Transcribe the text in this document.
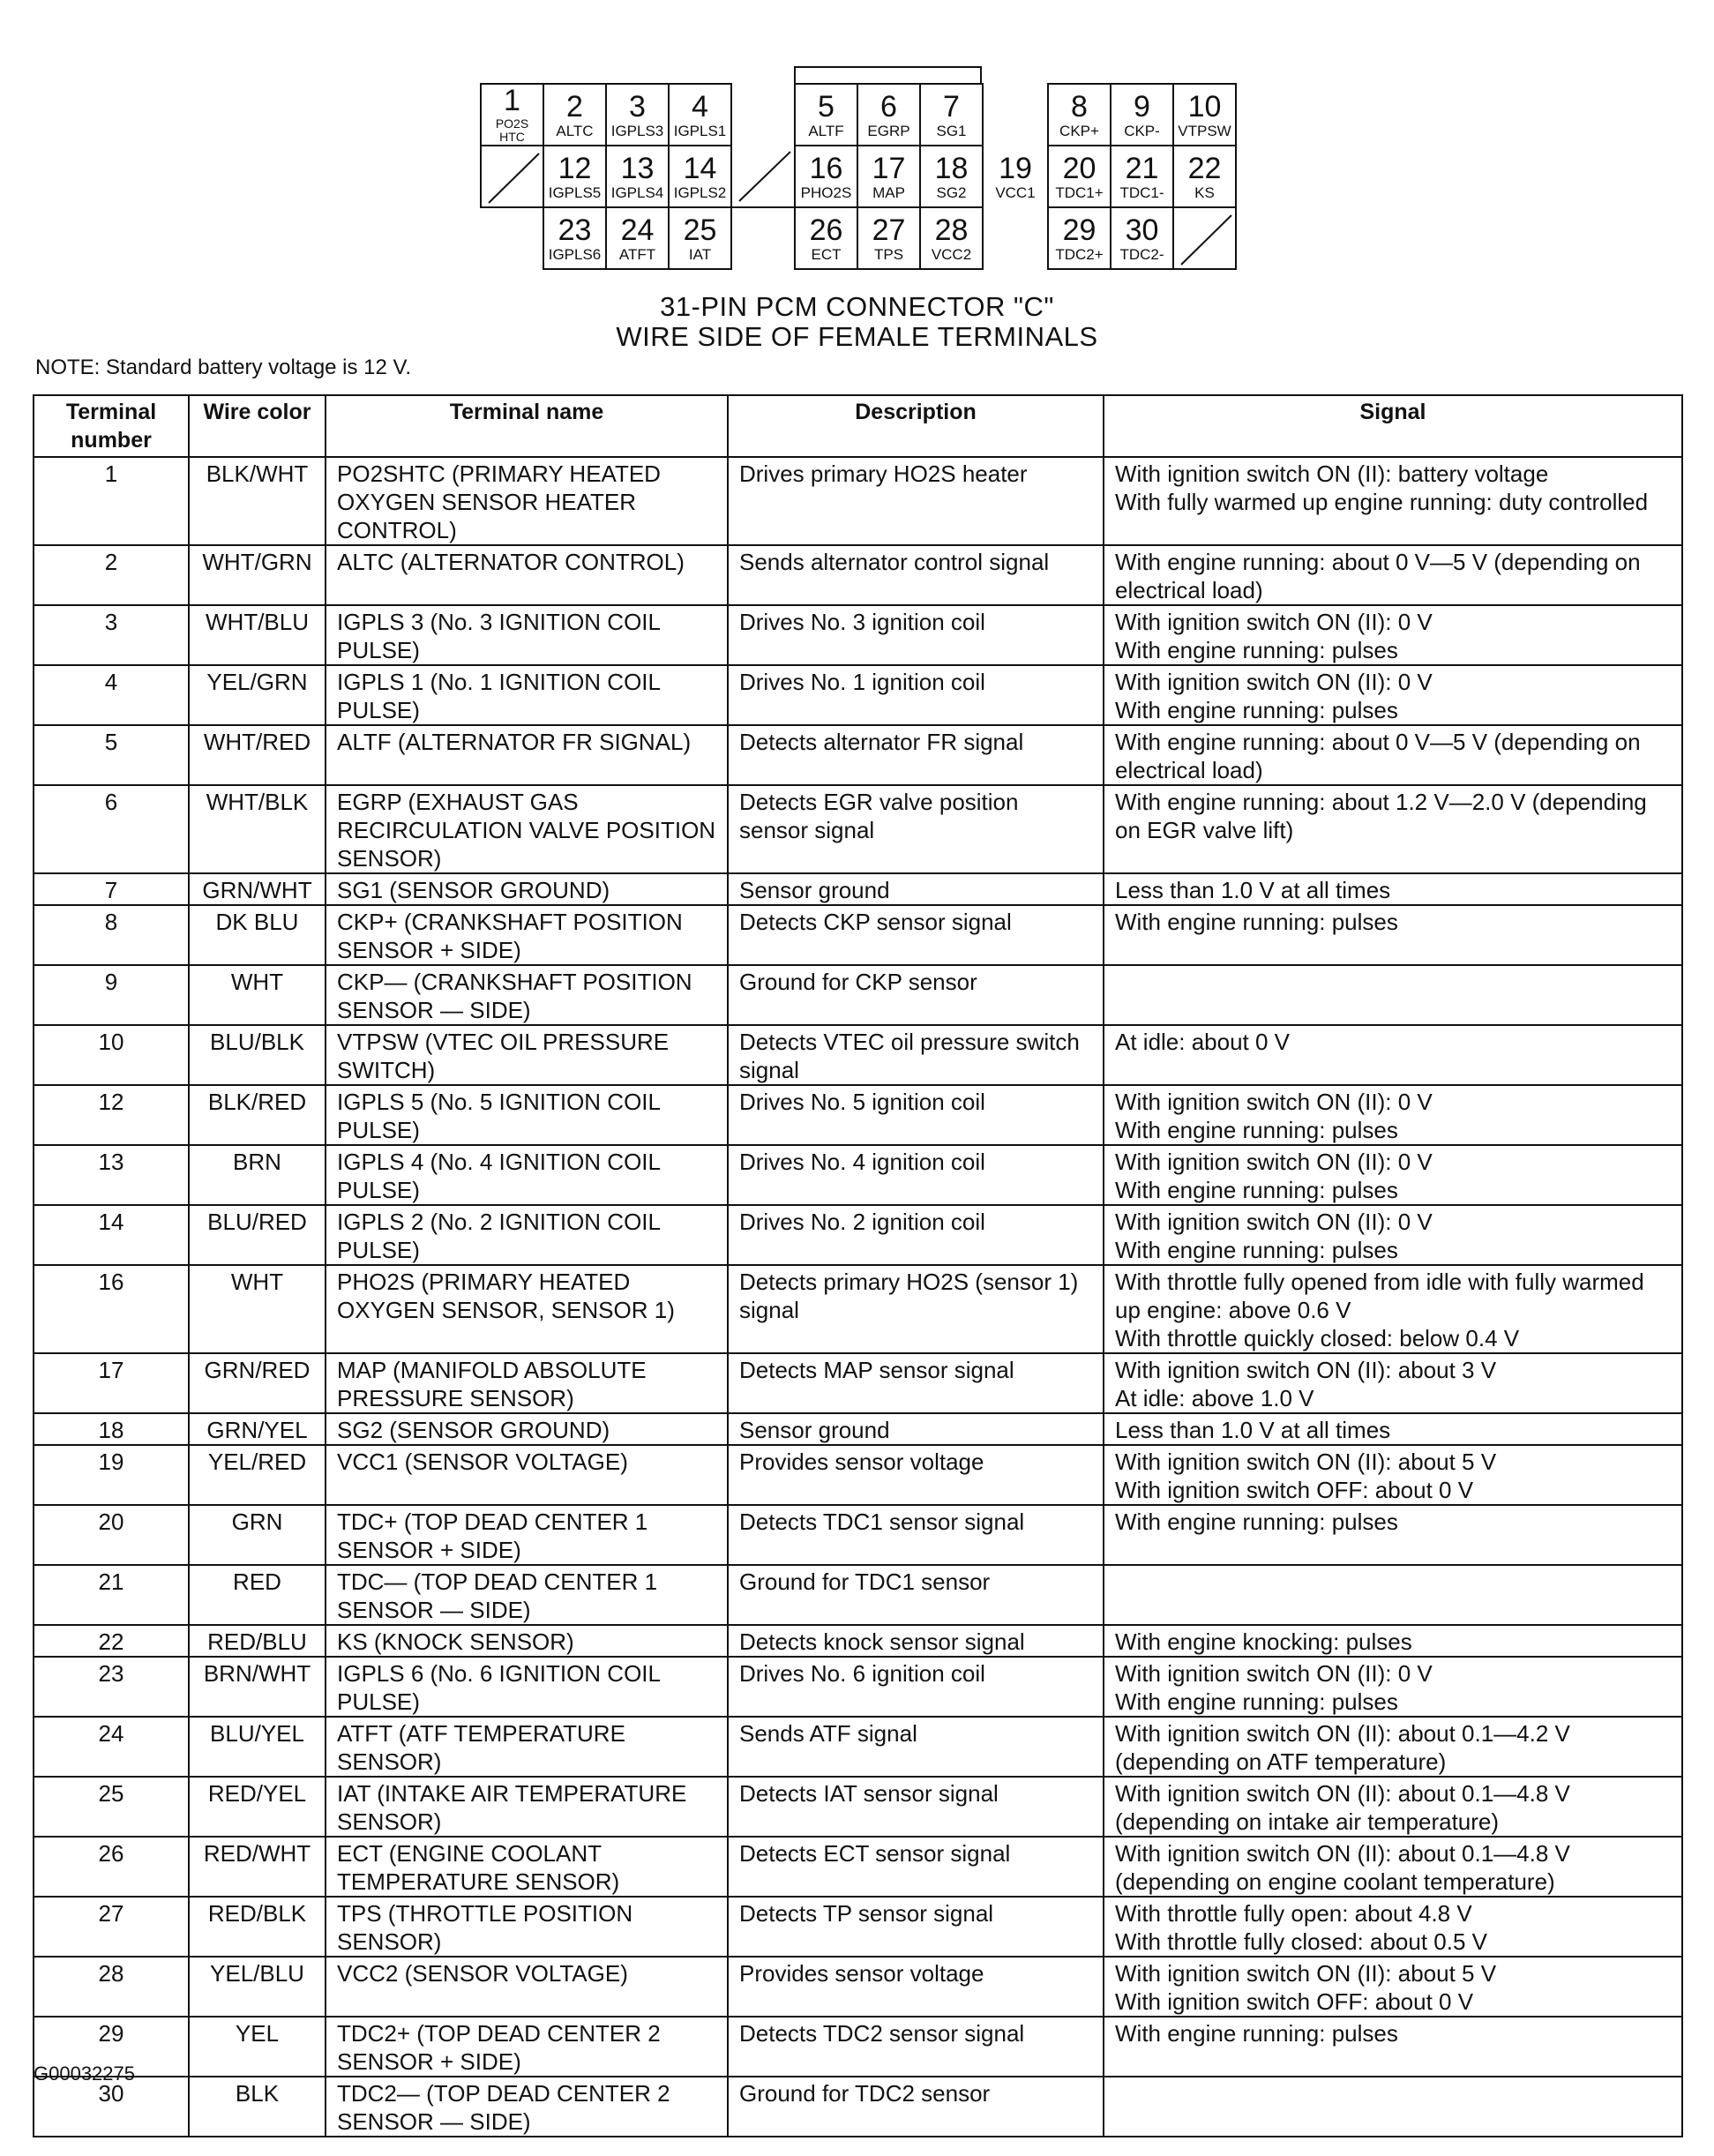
1
PO2S HTC
2
ALTC
3
IGPLS3
4
IGPLS1
5
ALTF
6
EGRP
7
SG1
8
CKP+
9
CKP-
10
VTPSW
12
IGPLS5
13
IGPLS4
14
IGPLS2
16
PHO2S
17
MAP
18
SG2
19
VCC1
20
TDC1+
21
TDC1-
22
KS
23
IGPLS6
24
ATFT
25
IAT
26
ECT
27
TPS
28
VCC2
29
TDC2+
30
TDC2-
31-PIN PCM CONNECTOR "C"
WIRE SIDE OF FEMALE TERMINALS
NOTE: Standard battery voltage is 12 V.
Terminal number	Wire color	Terminal name	Description	Signal
1	BLK/WHT	PO2SHTC (PRIMARY HEATED OXYGEN SENSOR HEATER CONTROL)	Drives primary HO2S heater	With ignition switch ON (II): battery voltage
With fully warmed up engine running: duty controlled
2	WHT/GRN	ALTC (ALTERNATOR CONTROL)	Sends alternator control signal	With engine running: about 0 V—5 V (depending on electrical load)
3	WHT/BLU	IGPLS 3 (No. 3 IGNITION COIL PULSE)	Drives No. 3 ignition coil	With ignition switch ON (II): 0 V
With engine running: pulses
4	YEL/GRN	IGPLS 1 (No. 1 IGNITION COIL PULSE)	Drives No. 1 ignition coil	With ignition switch ON (II): 0 V
With engine running: pulses
5	WHT/RED	ALTF (ALTERNATOR FR SIGNAL)	Detects alternator FR signal	With engine running: about 0 V—5 V (depending on electrical load)
6	WHT/BLK	EGRP (EXHAUST GAS RECIRCULATION VALVE POSITION SENSOR)	Detects EGR valve position sensor signal	With engine running: about 1.2 V—2.0 V (depending on EGR valve lift)
7	GRN/WHT	SG1 (SENSOR GROUND)	Sensor ground	Less than 1.0 V at all times
8	DK BLU	CKP+ (CRANKSHAFT POSITION SENSOR + SIDE)	Detects CKP sensor signal	With engine running: pulses
9	WHT	CKP— (CRANKSHAFT POSITION SENSOR — SIDE)	Ground for CKP sensor	
10	BLU/BLK	VTPSW (VTEC OIL PRESSURE SWITCH)	Detects VTEC oil pressure switch signal	At idle: about 0 V
12	BLK/RED	IGPLS 5 (No. 5 IGNITION COIL PULSE)	Drives No. 5 ignition coil	With ignition switch ON (II): 0 V
With engine running: pulses
13	BRN	IGPLS 4 (No. 4 IGNITION COIL PULSE)	Drives No. 4 ignition coil	With ignition switch ON (II): 0 V
With engine running: pulses
14	BLU/RED	IGPLS 2 (No. 2 IGNITION COIL PULSE)	Drives No. 2 ignition coil	With ignition switch ON (II): 0 V
With engine running: pulses
16	WHT	PHO2S (PRIMARY HEATED OXYGEN SENSOR, SENSOR 1)	Detects primary HO2S (sensor 1) signal	With throttle fully opened from idle with fully warmed up engine: above 0.6 V
With throttle quickly closed: below 0.4 V
17	GRN/RED	MAP (MANIFOLD ABSOLUTE PRESSURE SENSOR)	Detects MAP sensor signal	With ignition switch ON (II): about 3 V
At idle: above 1.0 V
18	GRN/YEL	SG2 (SENSOR GROUND)	Sensor ground	Less than 1.0 V at all times
19	YEL/RED	VCC1 (SENSOR VOLTAGE)	Provides sensor voltage	With ignition switch ON (II): about 5 V
With ignition switch OFF: about 0 V
20	GRN	TDC+ (TOP DEAD CENTER 1 SENSOR + SIDE)	Detects TDC1 sensor signal	With engine running: pulses
21	RED	TDC— (TOP DEAD CENTER 1 SENSOR — SIDE)	Ground for TDC1 sensor	
22	RED/BLU	KS (KNOCK SENSOR)	Detects knock sensor signal	With engine knocking: pulses
23	BRN/WHT	IGPLS 6 (No. 6 IGNITION COIL PULSE)	Drives No. 6 ignition coil	With ignition switch ON (II): 0 V
With engine running: pulses
24	BLU/YEL	ATFT (ATF TEMPERATURE SENSOR)	Sends ATF signal	With ignition switch ON (II): about 0.1—4.2 V (depending on ATF temperature)
25	RED/YEL	IAT (INTAKE AIR TEMPERATURE SENSOR)	Detects IAT sensor signal	With ignition switch ON (II): about 0.1—4.8 V (depending on intake air temperature)
26	RED/WHT	ECT (ENGINE COOLANT TEMPERATURE SENSOR)	Detects ECT sensor signal	With ignition switch ON (II): about 0.1—4.8 V (depending on engine coolant temperature)
27	RED/BLK	TPS (THROTTLE POSITION SENSOR)	Detects TP sensor signal	With throttle fully open: about 4.8 V
With throttle fully closed: about 0.5 V
28	YEL/BLU	VCC2 (SENSOR VOLTAGE)	Provides sensor voltage	With ignition switch ON (II): about 5 V
With ignition switch OFF: about 0 V
29	YEL	TDC2+ (TOP DEAD CENTER 2 SENSOR + SIDE)	Detects TDC2 sensor signal	With engine running: pulses
30	BLK	TDC2— (TOP DEAD CENTER 2 SENSOR — SIDE)	Ground for TDC2 sensor	
G00032275
